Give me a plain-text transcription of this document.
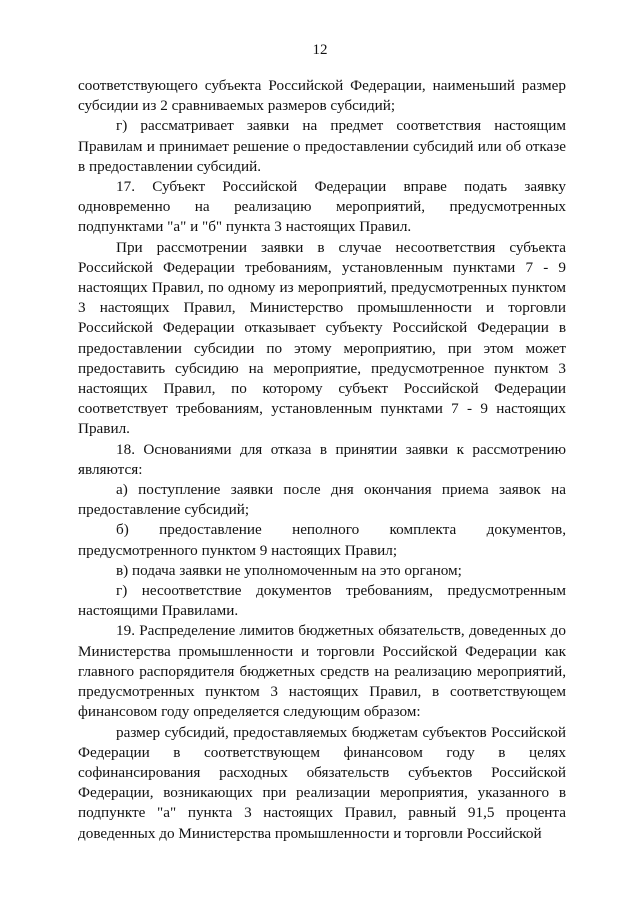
12

соответствующего субъекта Российской Федерации, наименьший размер субсидии из 2 сравниваемых размеров субсидий;

г) рассматривает заявки на предмет соответствия настоящим Правилам и принимает решение о предоставлении субсидий или об отказе в предоставлении субсидий.

17. Субъект Российской Федерации вправе подать заявку одновременно на реализацию мероприятий, предусмотренных подпунктами "а" и "б" пункта 3 настоящих Правил.

При рассмотрении заявки в случае несоответствия субъекта Российской Федерации требованиям, установленным пунктами 7 - 9 настоящих Правил, по одному из мероприятий, предусмотренных пунктом 3 настоящих Правил, Министерство промышленности и торговли Российской Федерации отказывает субъекту Российской Федерации в предоставлении субсидии по этому мероприятию, при этом может предоставить субсидию на мероприятие, предусмотренное пунктом 3 настоящих Правил, по которому субъект Российской Федерации соответствует требованиям, установленным пунктами 7 - 9 настоящих Правил.

18. Основаниями для отказа в принятии заявки к рассмотрению являются:

а) поступление заявки после дня окончания приема заявок на предоставление субсидий;

б) предоставление неполного комплекта документов, предусмотренного пунктом 9 настоящих Правил;

в) подача заявки не уполномоченным на это органом;

г) несоответствие документов требованиям, предусмотренным настоящими Правилами.

19. Распределение лимитов бюджетных обязательств, доведенных до Министерства промышленности и торговли Российской Федерации как главного распорядителя бюджетных средств на реализацию мероприятий, предусмотренных пунктом 3 настоящих Правил, в соответствующем финансовом году определяется следующим образом:

размер субсидий, предоставляемых бюджетам субъектов Российской Федерации в соответствующем финансовом году в целях софинансирования расходных обязательств субъектов Российской Федерации, возникающих при реализации мероприятия, указанного в подпункте "а" пункта 3 настоящих Правил, равный 91,5 процента доведенных до Министерства промышленности и торговли Российской
